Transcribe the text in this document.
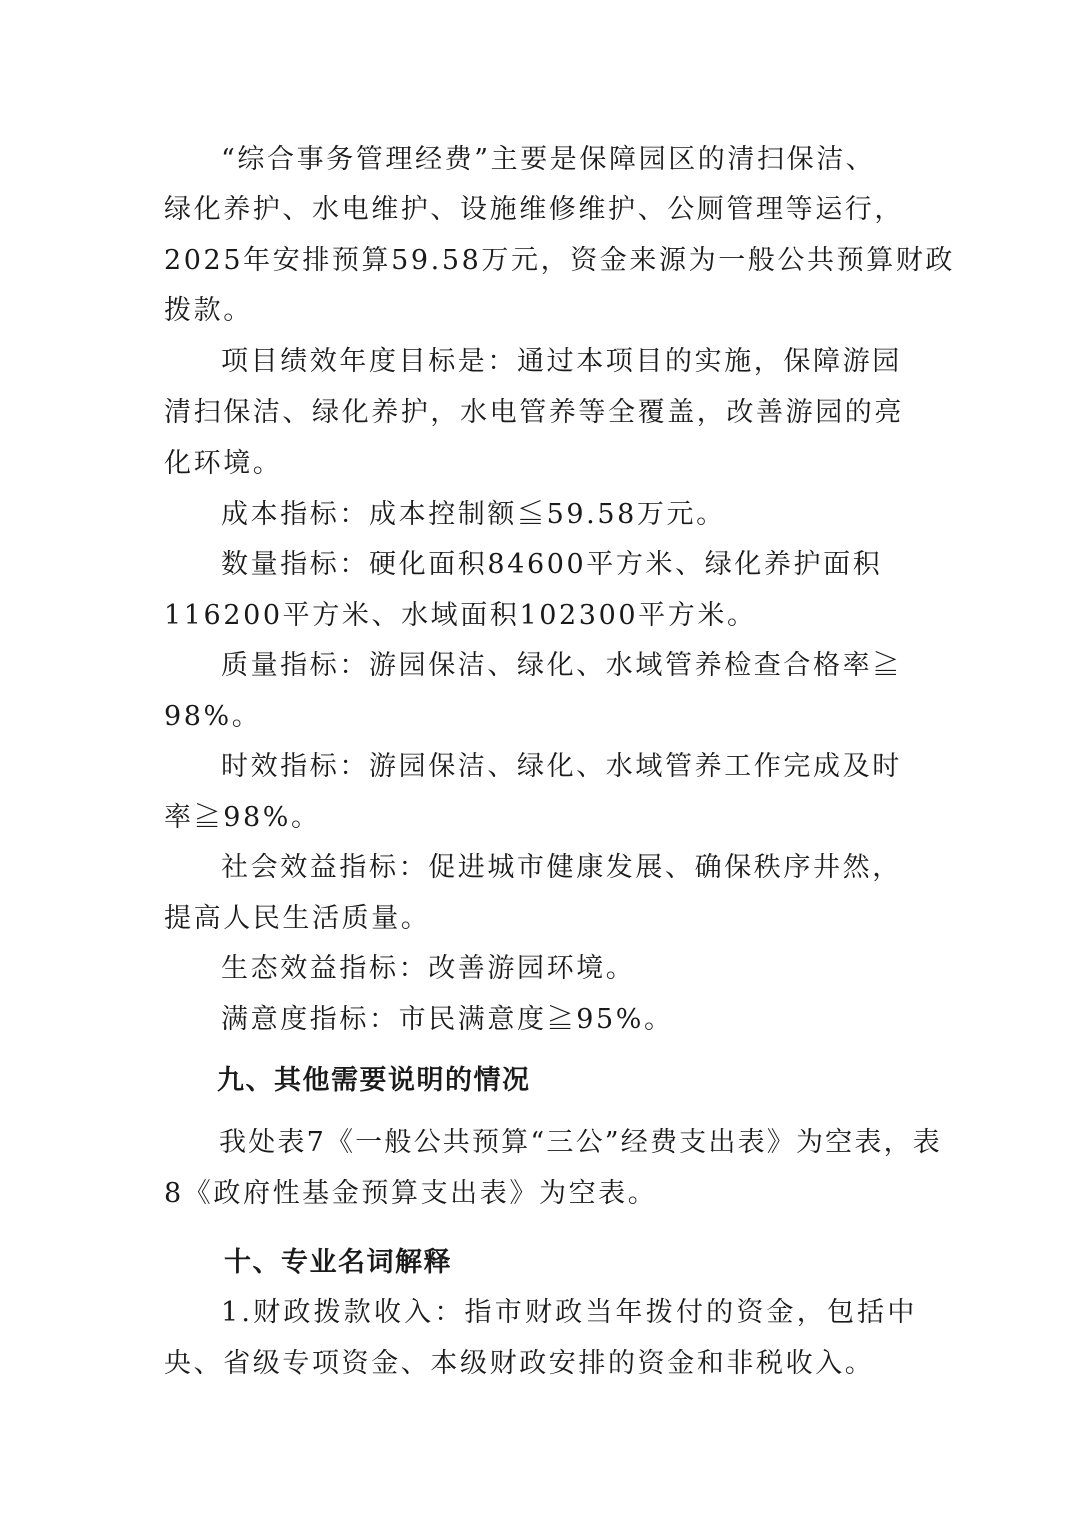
“综合事务管理经费”主要是保障园区的清扫保洁、
绿化养护、水电维护、设施维修维护、公厕管理等运行，
2025年安排预算59.58万元，资金来源为一般公共预算财政
拨款。
项目绩效年度目标是：通过本项目的实施，保障游园
清扫保洁、绿化养护，水电管养等全覆盖，改善游园的亮
化环境。
成本指标：成本控制额≦59.58万元。
数量指标：硬化面积84600平方米、绿化养护面积
116200平方米、水域面积102300平方米。
质量指标：游园保洁、绿化、水域管养检查合格率≧
98%。
时效指标：游园保洁、绿化、水域管养工作完成及时
率≧98%。
社会效益指标：促进城市健康发展、确保秩序井然，
提高人民生活质量。
生态效益指标：改善游园环境。
满意度指标：市民满意度≧95%。
九、其他需要说明的情况
我处表7《一般公共预算“三公”经费支出表》为空表，表
8《政府性基金预算支出表》为空表。
十、专业名词解释
1.财政拨款收入：指市财政当年拨付的资金，包括中
央、省级专项资金、本级财政安排的资金和非税收入。
